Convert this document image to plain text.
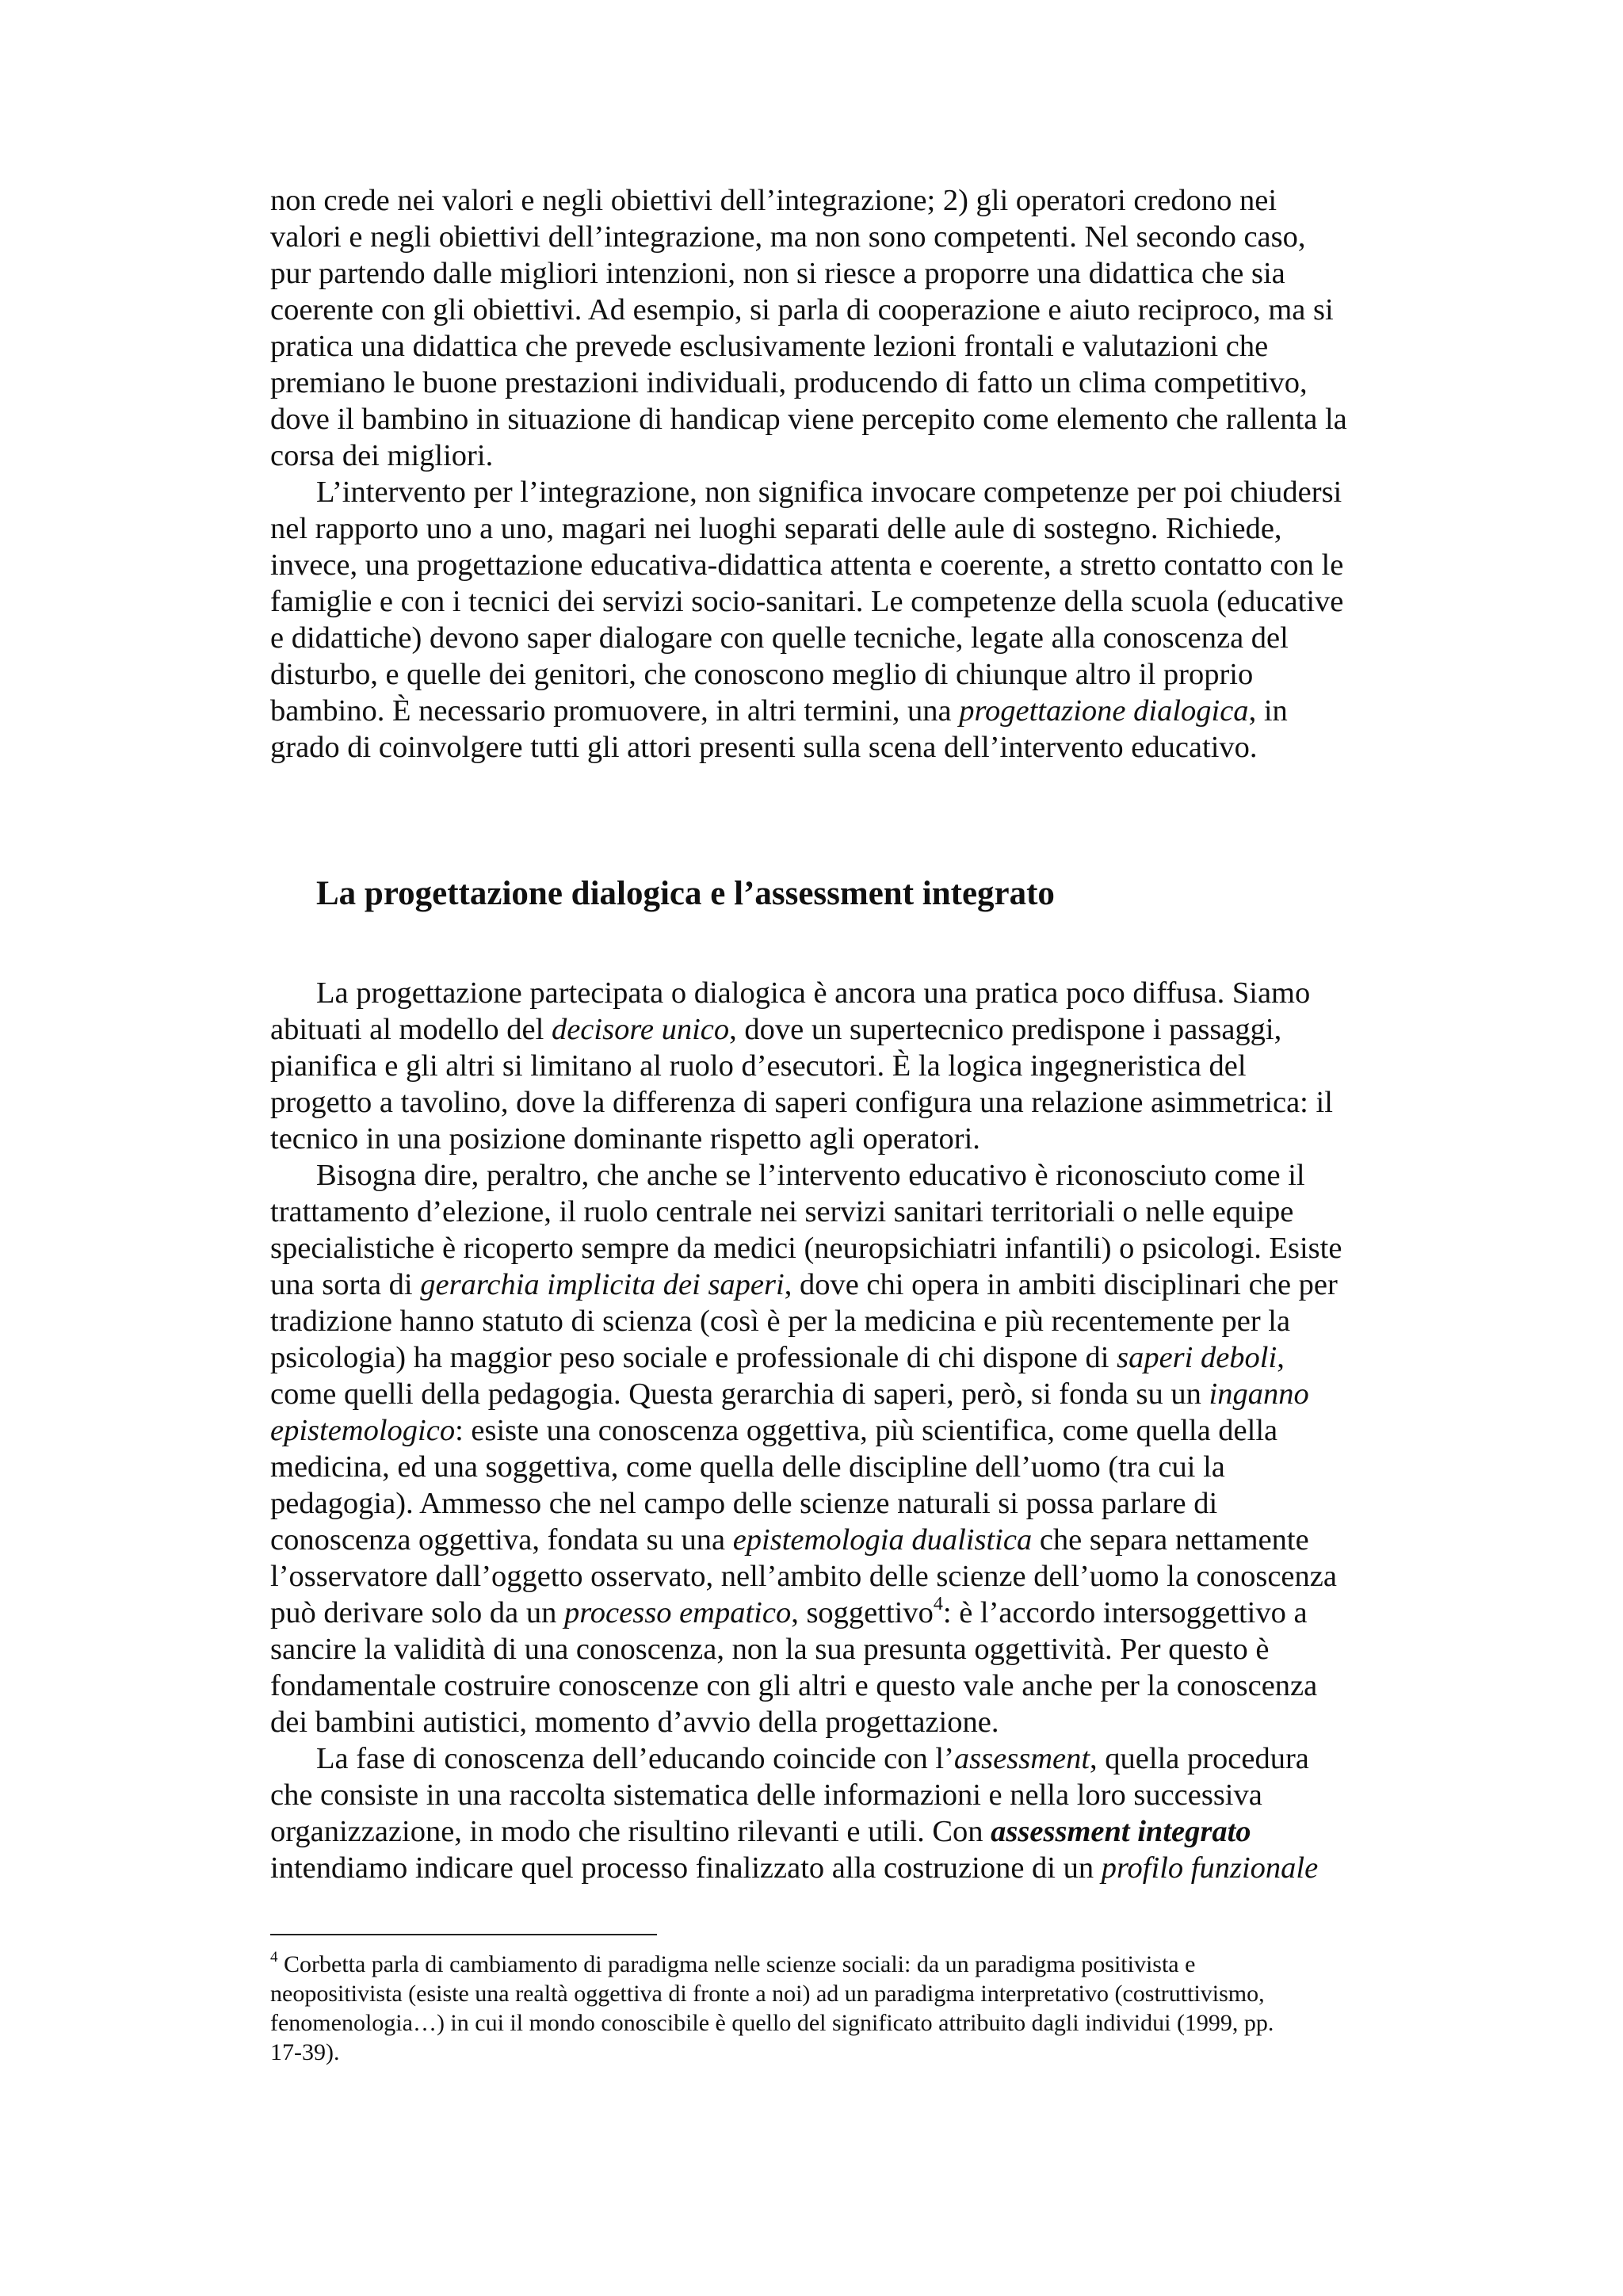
non crede nei valori e negli obiettivi dell’integrazione; 2) gli operatori credono nei
valori e negli obiettivi dell’integrazione, ma non sono competenti. Nel secondo caso,
pur partendo dalle migliori intenzioni, non si riesce a proporre una didattica che sia
coerente con gli obiettivi. Ad esempio, si parla di cooperazione e aiuto reciproco, ma si
pratica una didattica che prevede esclusivamente lezioni frontali e valutazioni che
premiano le buone prestazioni individuali, producendo di fatto un clima competitivo,
dove il bambino in situazione di handicap viene percepito come elemento che rallenta la
corsa dei migliori.
L’intervento per l’integrazione, non significa invocare competenze per poi chiudersi
nel rapporto uno a uno, magari nei luoghi separati delle aule di sostegno. Richiede,
invece, una progettazione educativa-didattica attenta e coerente, a stretto contatto con le
famiglie e con i tecnici dei servizi socio-sanitari. Le competenze della scuola (educative
e didattiche) devono saper dialogare con quelle tecniche, legate alla conoscenza del
disturbo, e quelle dei genitori, che conoscono meglio di chiunque altro il proprio
bambino. È necessario promuovere, in altri termini, una progettazione dialogica, in
grado di coinvolgere tutti gli attori presenti sulla scena dell’intervento educativo.
La progettazione dialogica e l’assessment integrato
La progettazione partecipata o dialogica è ancora una pratica poco diffusa. Siamo
abituati al modello del decisore unico, dove un supertecnico predispone i passaggi,
pianifica e gli altri si limitano al ruolo d’esecutori. È la logica ingegneristica del
progetto a tavolino, dove la differenza di saperi configura una relazione asimmetrica: il
tecnico in una posizione dominante rispetto agli operatori.
Bisogna dire, peraltro, che anche se l’intervento educativo è riconosciuto come il
trattamento d’elezione, il ruolo centrale nei servizi sanitari territoriali o nelle equipe
specialistiche è ricoperto sempre da medici (neuropsichiatri infantili) o psicologi. Esiste
una sorta di gerarchia implicita dei saperi, dove chi opera in ambiti disciplinari che per
tradizione hanno statuto di scienza (così è per la medicina e più recentemente per la
psicologia) ha maggior peso sociale e professionale di chi dispone di saperi deboli,
come quelli della pedagogia. Questa gerarchia di saperi, però, si fonda su un inganno
epistemologico: esiste una conoscenza oggettiva, più scientifica, come quella della
medicina, ed una soggettiva, come quella delle discipline dell’uomo (tra cui la
pedagogia). Ammesso che nel campo delle scienze naturali si possa parlare di
conoscenza oggettiva, fondata su una epistemologia dualistica che separa nettamente
l’osservatore dall’oggetto osservato, nell’ambito delle scienze dell’uomo la conoscenza
può derivare solo da un processo empatico, soggettivo$^4$: è l’accordo intersoggettivo a
sancire la validità di una conoscenza, non la sua presunta oggettività. Per questo è
fondamentale costruire conoscenze con gli altri e questo vale anche per la conoscenza
dei bambini autistici, momento d’avvio della progettazione.
La fase di conoscenza dell’educando coincide con l’assessment, quella procedura
che consiste in una raccolta sistematica delle informazioni e nella loro successiva
organizzazione, in modo che risultino rilevanti e utili. Con assessment integrato
intendiamo indicare quel processo finalizzato alla costruzione di un profilo funzionale
$^4$ Corbetta parla di cambiamento di paradigma nelle scienze sociali: da un paradigma positivista e
neopositivista (esiste una realtà oggettiva di fronte a noi) ad un paradigma interpretativo (costruttivismo,
fenomenologia…) in cui il mondo conoscibile è quello del significato attribuito dagli individui (1999, pp.
17-39).
